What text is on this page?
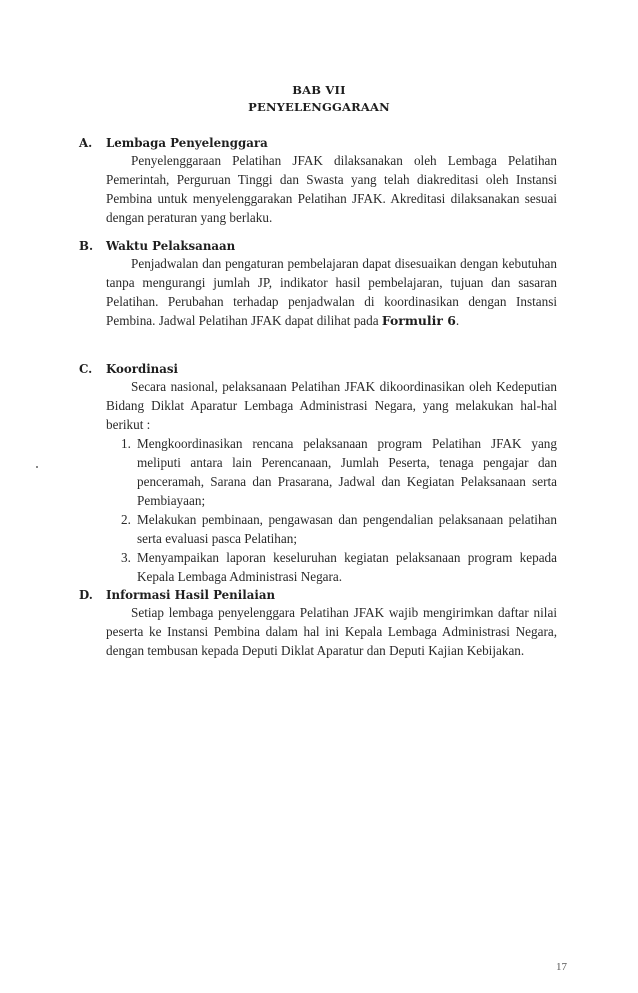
BAB VII
PENYELENGGARAAN
A.	Lembaga Penyelenggara
Penyelenggaraan Pelatihan JFAK dilaksanakan oleh Lembaga Pelatihan Pemerintah, Perguruan Tinggi dan Swasta yang telah diakreditasi oleh Instansi Pembina untuk menyelenggarakan Pelatihan JFAK. Akreditasi dilaksanakan sesuai dengan peraturan yang berlaku.
B.	Waktu Pelaksanaan
Penjadwalan dan pengaturan pembelajaran dapat disesuaikan dengan kebutuhan tanpa mengurangi jumlah JP, indikator hasil pembelajaran, tujuan dan sasaran Pelatihan. Perubahan terhadap penjadwalan di koordinasikan dengan Instansi Pembina. Jadwal Pelatihan JFAK dapat dilihat pada Formulir 6.
C.	Koordinasi
Secara nasional, pelaksanaan Pelatihan JFAK dikoordinasikan oleh Kedeputian Bidang Diklat Aparatur Lembaga Administrasi Negara, yang melakukan hal-hal berikut :
1. Mengkoordinasikan rencana pelaksanaan program Pelatihan JFAK yang meliputi antara lain Perencanaan, Jumlah Peserta, tenaga pengajar dan penceramah, Sarana dan Prasarana, Jadwal dan Kegiatan Pelaksanaan serta Pembiayaan;
2. Melakukan pembinaan, pengawasan dan pengendalian pelaksanaan pelatihan serta evaluasi pasca Pelatihan;
3. Menyampaikan laporan keseluruhan kegiatan pelaksanaan program kepada Kepala Lembaga Administrasi Negara.
D.	Informasi Hasil Penilaian
Setiap lembaga penyelenggara Pelatihan JFAK wajib mengirimkan daftar nilai peserta ke Instansi Pembina dalam hal ini Kepala Lembaga Administrasi Negara, dengan tembusan kepada Deputi Diklat Aparatur dan Deputi Kajian Kebijakan.
17
